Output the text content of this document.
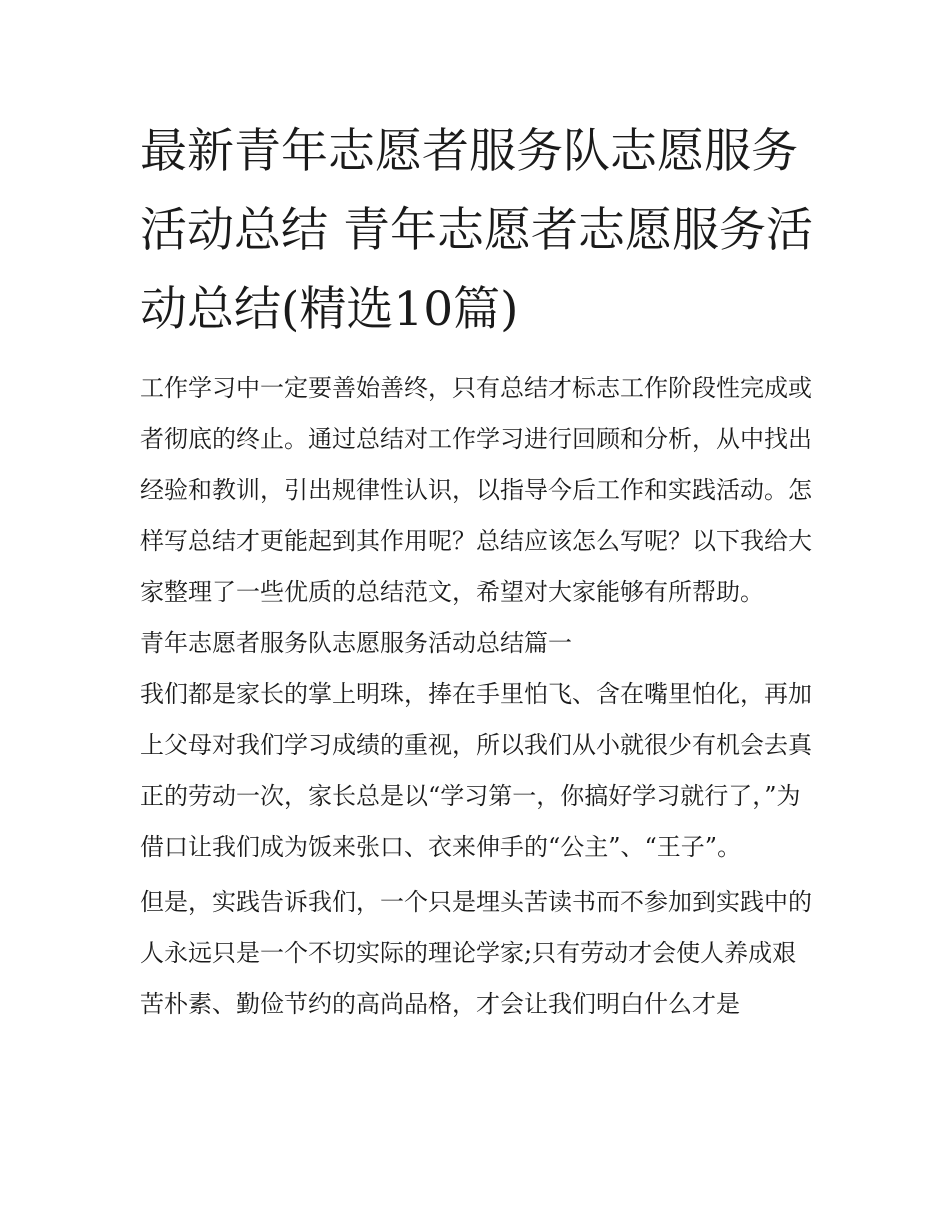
最新青年志愿者服务队志愿服务活动总结 青年志愿者志愿服务活动总结(精选10篇)

工作学习中一定要善始善终，只有总结才标志工作阶段性完成或者彻底的终止。通过总结对工作学习进行回顾和分析，从中找出经验和教训，引出规律性认识，以指导今后工作和实践活动。怎样写总结才更能起到其作用呢？总结应该怎么写呢？以下我给大家整理了一些优质的总结范文，希望对大家能够有所帮助。

青年志愿者服务队志愿服务活动总结篇一

我们都是家长的掌上明珠，捧在手里怕飞、含在嘴里怕化，再加上父母对我们学习成绩的重视，所以我们从小就很少有机会去真正的劳动一次，家长总是以“学习第一，你搞好学习就行了，”为借口让我们成为饭来张口、衣来伸手的“公主”、“王子”。

但是，实践告诉我们，一个只是埋头苦读书而不参加到实践中的人永远只是一个不切实际的理论学家;只有劳动才会使人养成艰苦朴素、勤俭节约的高尚品格，才会让我们明白什么才是
